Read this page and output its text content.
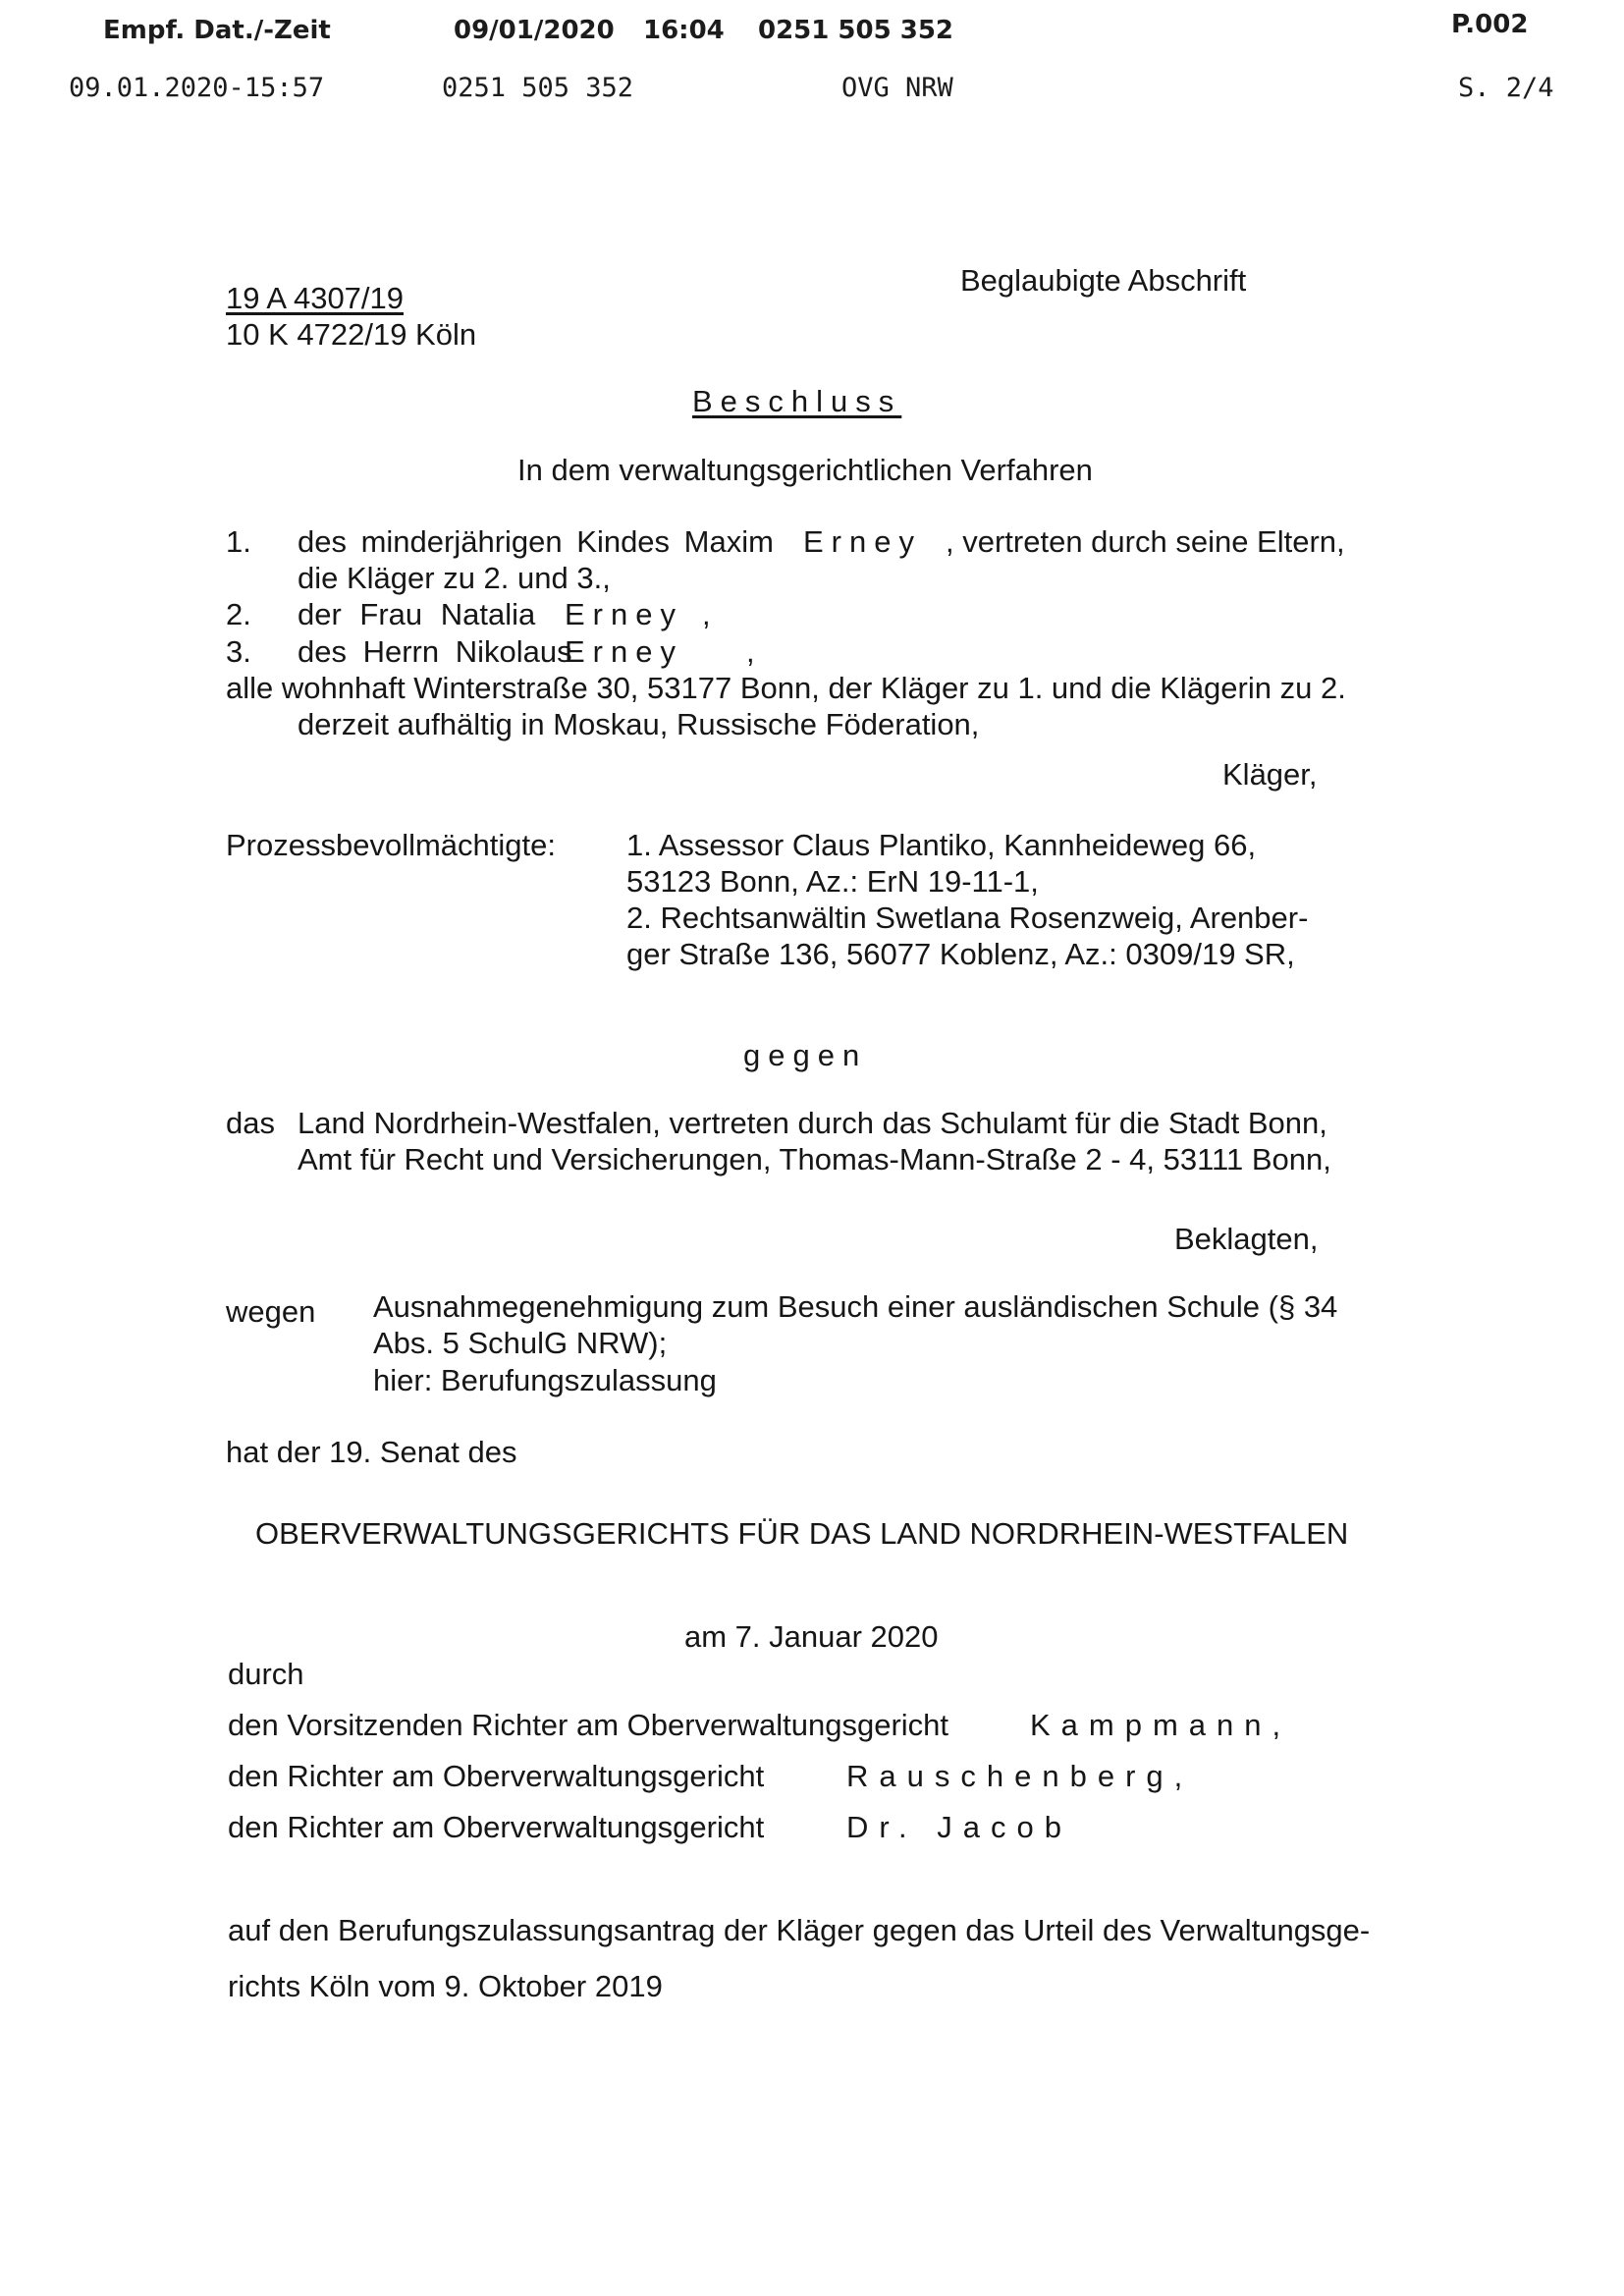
Empf. Dat./-Zeit	09/01/2020 16:04 0251 505 352	P.002
09.01.2020-15:57	0251 505 352	OVG NRW	S. 2/4
19 A 4307/19
10 K 4722/19 Köln
Beglaubigte Abschrift
Beschluss
In dem verwaltungsgerichtlichen Verfahren
1. des minderjährigen Kindes Maxim Erney , vertreten durch seine Eltern,
die Kläger zu 2. und 3.,
2. der Frau Natalia Erney ,
3. des Herrn Nikolaus
Erney ,
alle wohnhaft Winterstraße 30, 53177 Bonn, der Kläger zu 1. und die Klägerin zu 2.
derzeit aufhältig in Moskau, Russische Föderation,
Kläger,
Prozessbevollmächtigte: 1. Assessor Claus Plantiko, Kannheideweg 66,
53123 Bonn, Az.: ErN 19-11-1,
2. Rechtsanwältin Swetlana Rosenzweig, Arenber-
ger Straße 136, 56077 Koblenz, Az.: 0309/19 SR,
gegen
das Land Nordrhein-Westfalen, vertreten durch das Schulamt für die Stadt Bonn,
Amt für Recht und Versicherungen, Thomas-Mann-Straße 2 - 4, 53111 Bonn,
Beklagten,
wegen Ausnahmegenehmigung zum Besuch einer ausländischen Schule (§ 34
Abs. 5 SchulG NRW);
hier: Berufungszulassung
hat der 19. Senat des
OBERVERWALTUNGSGERICHTS FÜR DAS LAND NORDRHEIN-WESTFALEN
am 7. Januar 2020
durch
den Vorsitzenden Richter am Oberverwaltungsgericht	Kampmann,
den Richter am Oberverwaltungsgericht	Rauschenberg,
den Richter am Oberverwaltungsgericht	Dr. Jacob
auf den Berufungszulassungsantrag der Kläger gegen das Urteil des Verwaltungsge-
richts Köln vom 9. Oktober 2019
